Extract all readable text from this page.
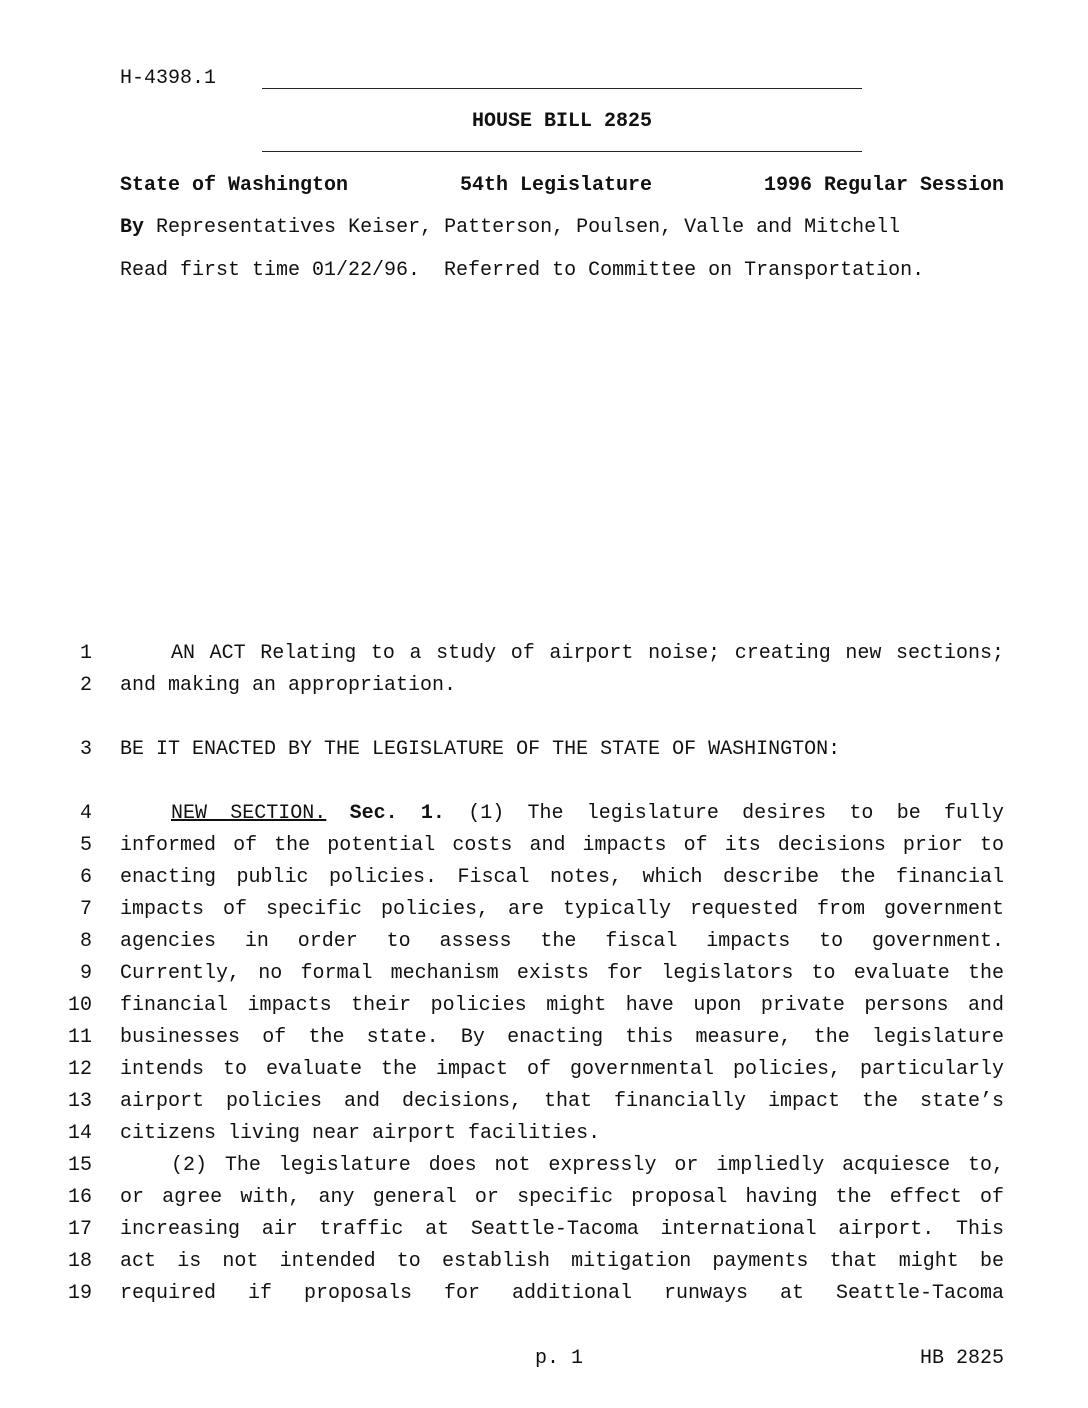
H-4398.1
HOUSE BILL 2825
State of Washington	54th Legislature	1996 Regular Session
By Representatives Keiser, Patterson, Poulsen, Valle and Mitchell
Read first time 01/22/96.  Referred to Committee on Transportation.
1
2
3
4
5
6
7
8
9
10
11
12
13
14
15
16
17
18
19
AN ACT Relating to a study of airport noise; creating new sections;
and making an appropriation.
BE IT ENACTED BY THE LEGISLATURE OF THE STATE OF WASHINGTON:
NEW SECTION. Sec. 1. (1) The legislature desires to be fully
informed of the potential costs and impacts of its decisions prior to
enacting public policies. Fiscal notes, which describe the financial
impacts of specific policies, are typically requested from government
agencies in order to assess the fiscal impacts to government.
Currently, no formal mechanism exists for legislators to evaluate the
financial impacts their policies might have upon private persons and
businesses of the state. By enacting this measure, the legislature
intends to evaluate the impact of governmental policies, particularly
airport policies and decisions, that financially impact the state’s
citizens living near airport facilities.
(2) The legislature does not expressly or impliedly acquiesce to,
or agree with, any general or specific proposal having the effect of
increasing air traffic at Seattle-Tacoma international airport. This
act is not intended to establish mitigation payments that might be
required if proposals for additional runways at Seattle-Tacoma
p. 1	HB 2825
